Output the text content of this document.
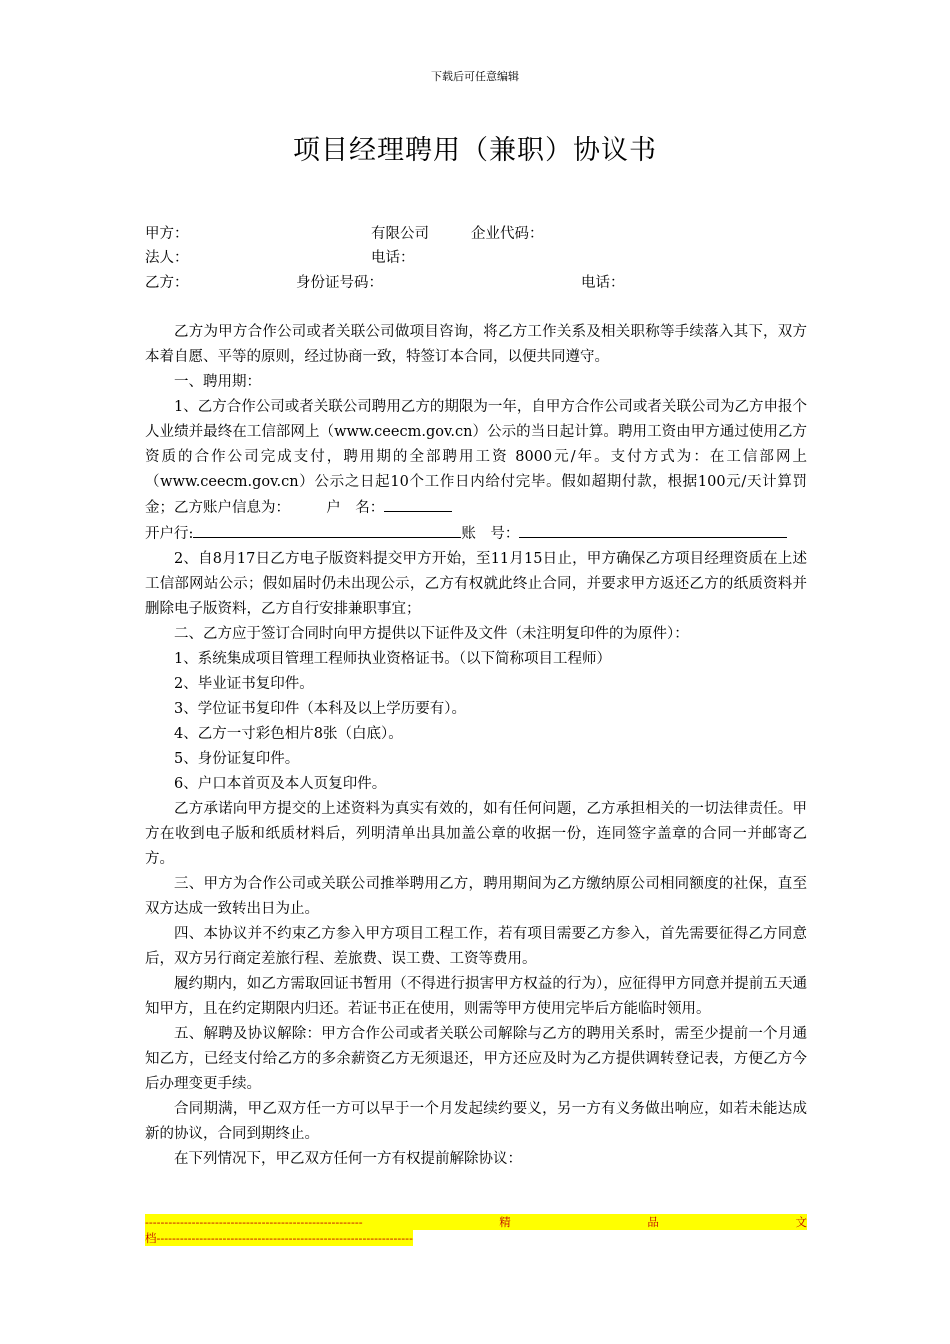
下载后可任意编辑
项目经理聘用（兼职）协议书
甲方：	有限公司	企业代码：
法人：	电话：
乙方：	身份证号码：	电话：

乙方为甲方合作公司或者关联公司做项目咨询，将乙方工作关系及相关职称等手续落入其下，双方本着自愿、平等的原则，经过协商一致，特签订本合同，以便共同遵守。

一、聘用期：

1、乙方合作公司或者关联公司聘用乙方的期限为一年，自甲方合作公司或者关联公司为乙方申报个人业绩并最终在工信部网上（www.ceecm.gov.cn）公示的当日起计算。聘用工资由甲方通过使用乙方资质的合作公司完成支付，聘用期的全部聘用工资 8000元/年。支付方式为：在工信部网上（www.ceecm.gov.cn）公示之日起10个工作日内给付完毕。假如超期付款，根据100元/天计算罚金；乙方账户信息为：　　　	户　名：

开户行:	账　号：

2、自8月17日乙方电子版资料提交甲方开始，至11月15日止，甲方确保乙方项目经理资质在上述工信部网站公示；假如届时仍未出现公示，乙方有权就此终止合同，并要求甲方返还乙方的纸质资料并删除电子版资料，乙方自行安排兼职事宜；

二、乙方应于签订合同时向甲方提供以下证件及文件（未注明复印件的为原件）：

1、系统集成项目管理工程师执业资格证书。（以下简称项目工程师）

2、毕业证书复印件。

3、学位证书复印件（本科及以上学历要有）。

4、乙方一寸彩色相片8张（白底）。

5、身份证复印件。

6、户口本首页及本人页复印件。

乙方承诺向甲方提交的上述资料为真实有效的，如有任何问题，乙方承担相关的一切法律责任。甲方在收到电子版和纸质材料后，列明清单出具加盖公章的收据一份，连同签字盖章的合同一并邮寄乙方。

三、甲方为合作公司或关联公司推举聘用乙方，聘用期间为乙方缴纳原公司相同额度的社保，直至双方达成一致转出日为止。

四、本协议并不约束乙方参入甲方项目工程工作，若有项目需要乙方参入，首先需要征得乙方同意后，双方另行商定差旅行程、差旅费、误工费、工资等费用。

履约期内，如乙方需取回证书暂用（不得进行损害甲方权益的行为），应征得甲方同意并提前五天通知甲方，且在约定期限内归还。若证书正在使用，则需等甲方使用完毕后方能临时领用。

五、解聘及协议解除：甲方合作公司或者关联公司解除与乙方的聘用关系时，需至少提前一个月通知乙方，已经支付给乙方的多余薪资乙方无须退还，甲方还应及时为乙方提供调转登记表，方便乙方今后办理变更手续。

合同期满，甲乙双方任一方可以早于一个月发起续约要义，另一方有义务做出响应，如若未能达成新的协议，合同到期终止。

在下列情况下，甲乙双方任何一方有权提前解除协议：

--------------------------------------------------------	精	品	文
档------------------------------------------------------------------
